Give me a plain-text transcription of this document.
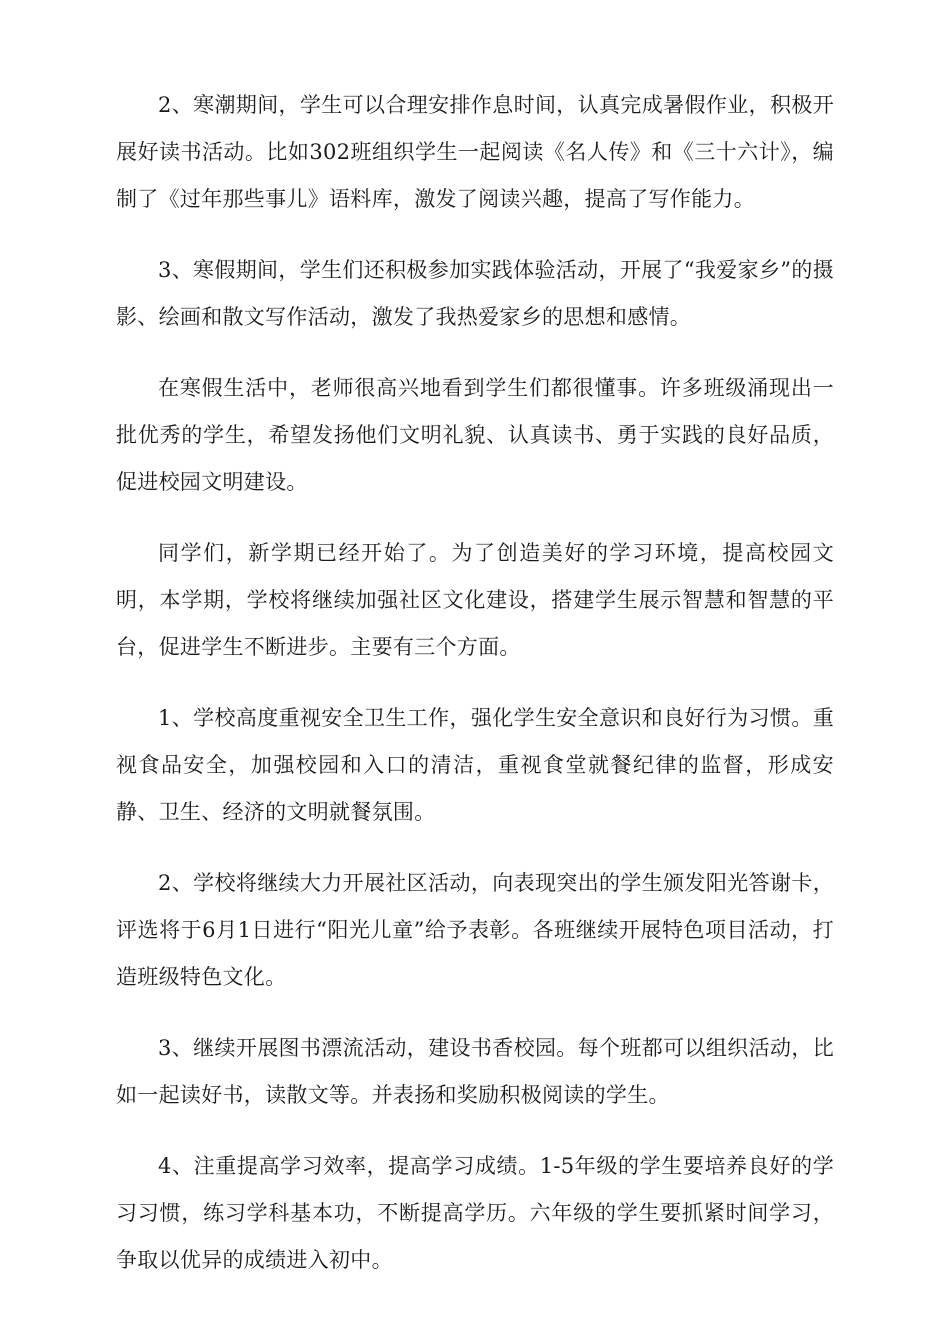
2、寒潮期间，学生可以合理安排作息时间，认真完成暑假作业，积极开展好读书活动。比如302班组织学生一起阅读《名人传》和《三十六计》，编制了《过年那些事儿》语料库，激发了阅读兴趣，提高了写作能力。

3、寒假期间，学生们还积极参加实践体验活动，开展了“我爱家乡”的摄影、绘画和散文写作活动，激发了我热爱家乡的思想和感情。

在寒假生活中，老师很高兴地看到学生们都很懂事。许多班级涌现出一批优秀的学生，希望发扬他们文明礼貌、认真读书、勇于实践的良好品质，促进校园文明建设。

同学们，新学期已经开始了。为了创造美好的学习环境，提高校园文明，本学期，学校将继续加强社区文化建设，搭建学生展示智慧和智慧的平台，促进学生不断进步。主要有三个方面。

1、学校高度重视安全卫生工作，强化学生安全意识和良好行为习惯。重视食品安全，加强校园和入口的清洁，重视食堂就餐纪律的监督，形成安静、卫生、经济的文明就餐氛围。

2、学校将继续大力开展社区活动，向表现突出的学生颁发阳光答谢卡，评选将于6月1日进行“阳光儿童”给予表彰。各班继续开展特色项目活动，打造班级特色文化。

3、继续开展图书漂流活动，建设书香校园。每个班都可以组织活动，比如一起读好书，读散文等。并表扬和奖励积极阅读的学生。

4、注重提高学习效率，提高学习成绩。1-5年级的学生要培养良好的学习习惯，练习学科基本功，不断提高学历。六年级的学生要抓紧时间学习，争取以优异的成绩进入初中。
